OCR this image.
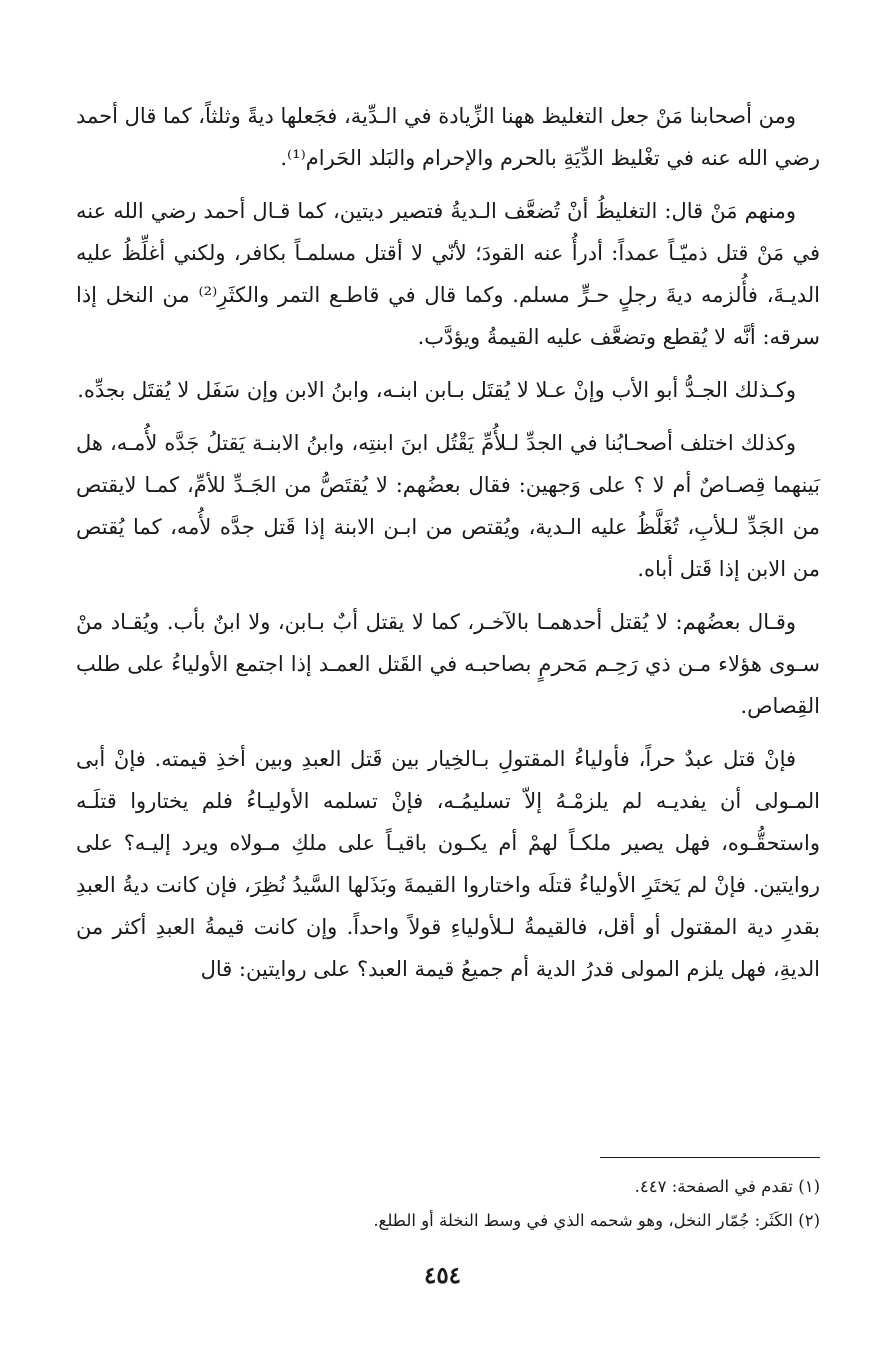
ومن أصحابنا مَنْ جعل التغليظ ههنا الزِّيادة في الـدِّية، فجَعلها ديةً وثلثاً، كما قال أحمد رضي الله عنه في تغْليظ الدِّيَةِ بالحرم والإحرام والبَلد الحَرام⁽¹⁾.

ومنهم مَنْ قال: التغليظُ أنْ تُضعَّف الـديةُ فتصير ديتين، كما قـال أحمد رضي الله عنه في مَنْ قتل ذميّـاً عمداً: أدرأُ عنه القودَ؛ لأنّي لا أقتل مسلمـاً بكافر، ولكني أغلِّظُ عليه الديـةَ، فأُلزمه ديةَ رجلٍ حـرٍّ مسلم. وكما قال في قاطـع التمر والكثَرِ⁽²⁾ من النخل إذا سرقه: أنَّه لا يُقطع وتضعَّف عليه القيمةُ ويؤدَّب.

وكـذلك الجـدُّ أبو الأب وإنْ عـلا لا يُقتَل بـابن ابنـه، وابنُ الابن وإن سَفَل لا يُقتَل بجدِّه.

وكذلك اختلف أصحـابُنا في الجدِّ لـلأُمِّ يَقْتُل ابنَ ابنتِه، وابنُ الابنـة يَقتلُ جَدَّه لأُمـه، هل بَينهما قِصـاصٌ أم لا ؟ على وَجهين: فقال بعضُهم: لا يُقتَصُّ من الجَـدِّ للأمِّ، كمـا لايقتص من الجَدِّ لـلأبِ، تُغَلَّظُ عليه الـدية، ويُقتص من ابـن الابنة إذا قَتل جدَّه لأُمه، كما يُقتص من الابن إذا قَتل أباه.

وقـال بعضُهم: لا يُقتل أحدهمـا بالآخـر، كما لا يقتل أبٌ بـابن، ولا ابنٌ بأب. ويُقـاد منْ سـوى هؤلاء مـن ذي رَحِـم مَحرمٍ بصاحبـه في القَتل العمـد إذا اجتمع الأولياءُ على طلب القِصاص.

فإنْ قتل عبدٌ حراً، فأولياءُ المقتولِ بـالخِيار بين قَتل العبدِ وبين أخذِ قيمته. فإنْ أبى المـولى أن يفديـه لم يلزمْـهُ إلاّ تسليمُـه، فإنْ تسلمه الأوليـاءُ فلم يختاروا قتلَـه واستحقُّـوه، فهل يصير ملكـاً لهمْ أم يكـون باقيـاً على ملكِ مـولاه ويرد إليـه؟ على روايتين. فإنْ لم يَختَرِ الأولياءُ قتلَه واختاروا القيمةَ وبَذَلها السَّيدُ نُظِرَ، فإن كانت ديةُ العبدِ بقدرِ دية المقتول أو أقل، فالقيمةُ لـلأولياءِ قولاً واحداً. وإن كانت قيمةُ العبدِ أكثر من الديةِ، فهل يلزم المولى قدرُ الدية أم جميعُ قيمة العبد؟ على روايتين: قال

(١) تقدم في الصفحة: ٤٤٧.

(٢) الكَثَر: جُمّار النخل، وهو شحمه الذي في وسط النخلة أو الطلع.

٤٥٤
